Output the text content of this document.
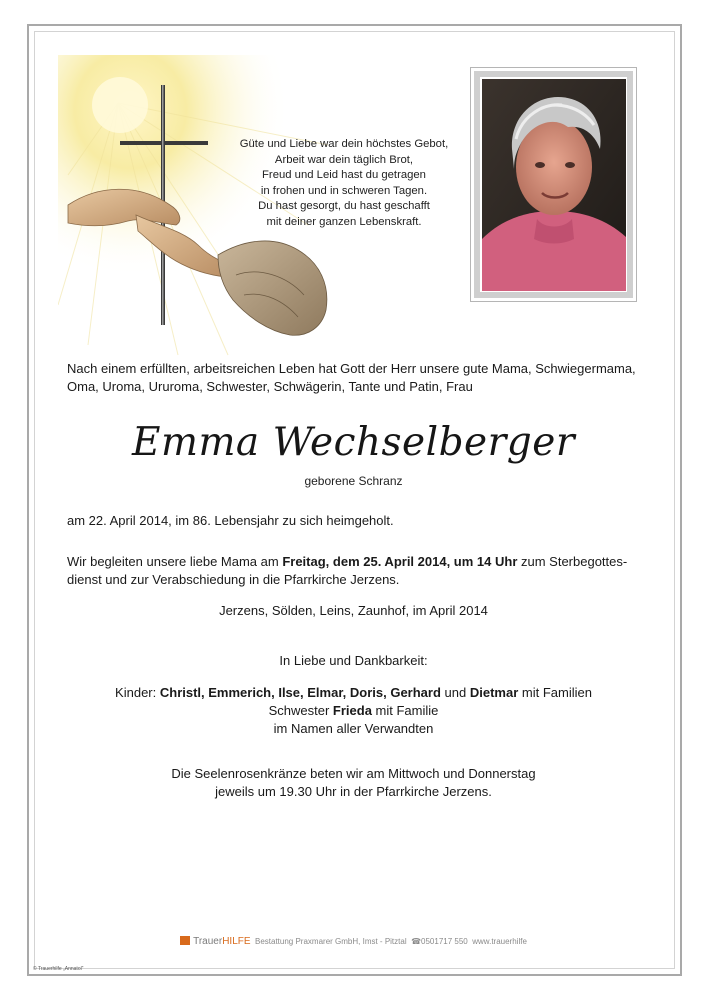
Güte und Liebe war dein höchstes Gebot,
Arbeit war dein täglich Brot,
Freud und Leid hast du getragen
in frohen und in schweren Tagen.
Du hast gesorgt, du hast geschafft
mit deiner ganzen Lebenskraft.
Nach einem erfüllten, arbeitsreichen Leben hat Gott der Herr unsere gute Mama, Schwiegermama,
Oma, Uroma, Ururoma, Schwester, Schwägerin, Tante und Patin, Frau
Emma Wechselberger
geborene Schranz
am 22. April 2014, im 86. Lebensjahr zu sich heimgeholt.
Wir begleiten unsere liebe Mama am Freitag, dem 25. April 2014, um 14 Uhr zum Sterbegottes-
dienst und zur Verabschiedung in die Pfarrkirche Jerzens.
Jerzens, Sölden, Leins, Zaunhof, im April 2014
In Liebe und Dankbarkeit:
Kinder: Christl, Emmerich, Ilse, Elmar, Doris, Gerhard und Dietmar mit Familien
Schwester Frieda mit Familie
im Namen aller Verwandten
Die Seelenrosenkränze beten wir am Mittwoch und Donnerstag
jeweils um 19.30 Uhr in der Pfarrkirche Jerzens.
TrauerHILFE Bestattung Praxmarer GmbH, Imst - Pitztal ☎0501717 550 www.trauerhilfe
© Trauerhilfe „Annatol“
